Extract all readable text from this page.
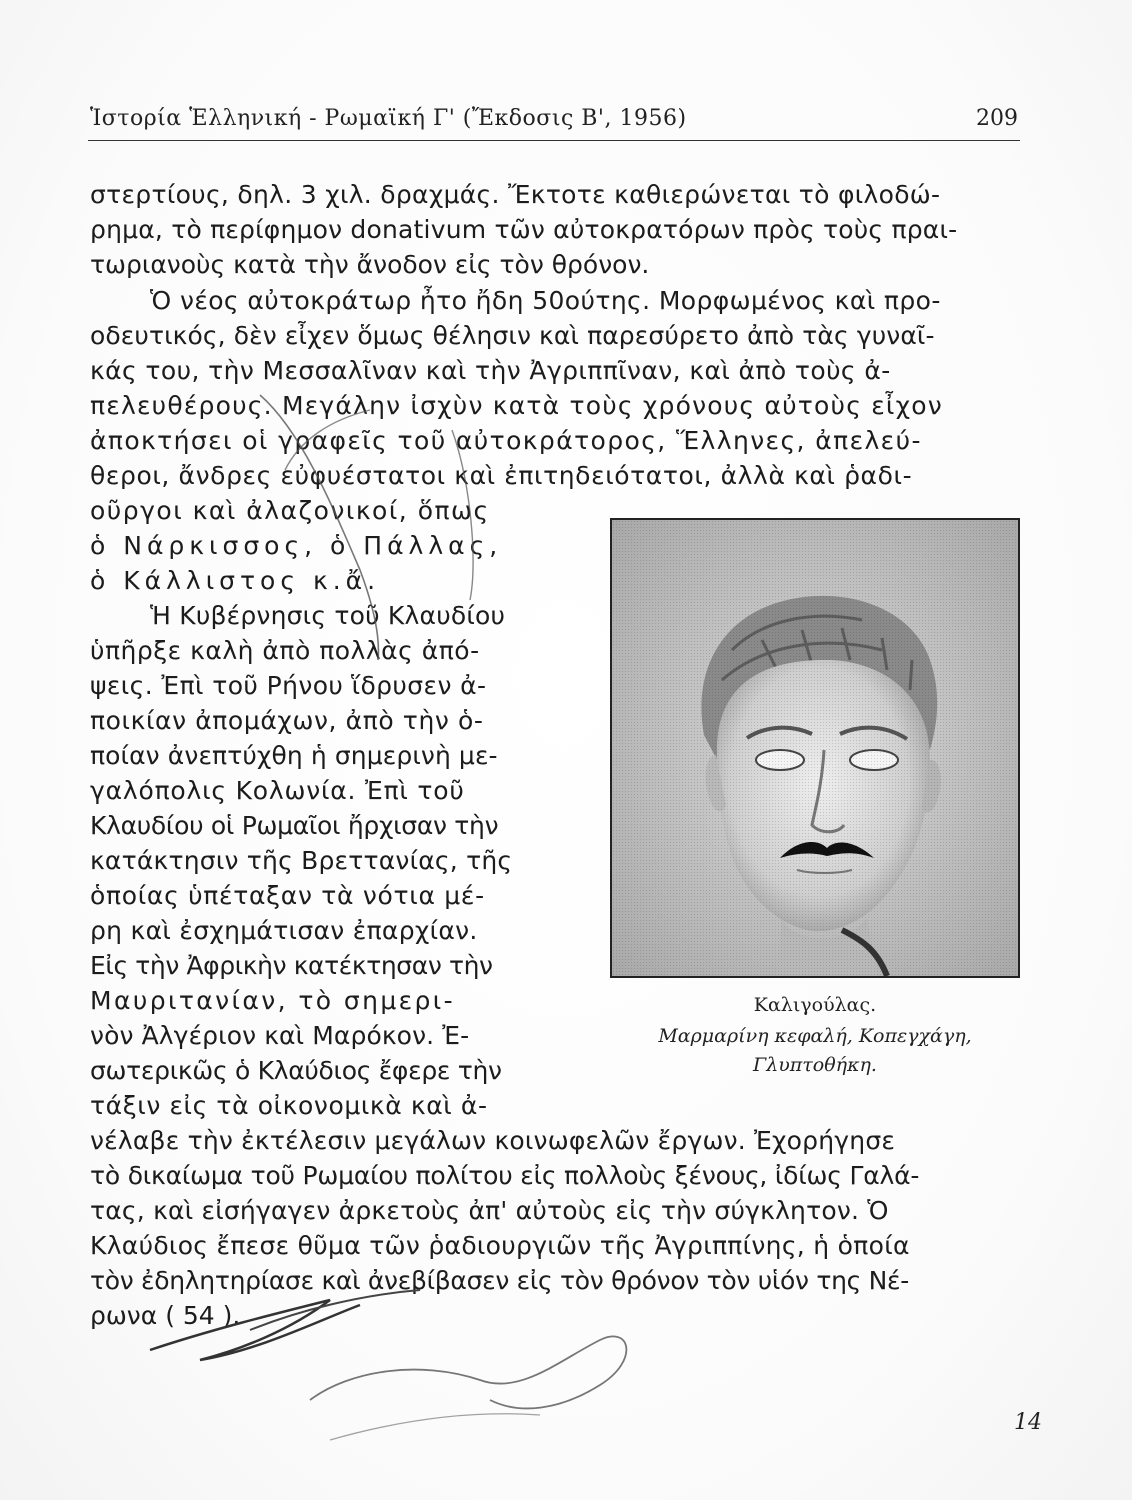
Ἱστορία Ἑλληνική - Ρωμαϊκή Γ' (Ἔκδοσις Β', 1956)	209
στερτίους, δηλ. 3 χιλ. δραχμάς. Ἔκτοτε καθιερώνεται τὸ φιλοδώ-
ρημα, τὸ περίφημον donativum τῶν αὐτοκρατόρων πρὸς τοὺς πραι-
τωριανοὺς κατὰ τὴν ἄνοδον εἰς τὸν θρόνον.
Ὁ νέος αὐτοκράτωρ ἦτο ἤδη 50ούτης. Μορφωμένος καὶ προ-
οδευτικός, δὲν εἶχεν ὅμως θέλησιν καὶ παρεσύρετο ἀπὸ τὰς γυναῖ-
κάς του, τὴν Μεσσαλῖναν καὶ τὴν Ἀγριππῖναν, καὶ ἀπὸ τοὺς ἀ-
πελευθέρους. Μεγάλην ἰσχὺν κατὰ τοὺς χρόνους αὐτοὺς εἶχον
ἀποκτήσει οἱ γραφεῖς τοῦ αὐτοκράτορος, Ἕλληνες, ἀπελεύ-
θεροι, ἄνδρες εὐφυέστατοι καὶ ἐπιτηδειότατοι, ἀλλὰ καὶ ῥαδι-
οῦργοι καὶ ἀλαζονικοί, ὅπως
ὁ Νάρκισσος, ὁ Πάλλας,
ὁ Κάλλιστος κ.ἄ.
Ἡ Κυβέρνησις τοῦ Κλαυδίου
ὑπῆρξε καλὴ ἀπὸ πολλὰς ἀπό-
ψεις. Ἐπὶ τοῦ Ρήνου ἵδρυσεν ἀ-
ποικίαν ἀπομάχων, ἀπὸ τὴν ὁ-
ποίαν ἀνεπτύχθη ἡ σημερινὴ με-
γαλόπολις Κολωνία. Ἐπὶ τοῦ
Κλαυδίου οἱ Ρωμαῖοι ἤρχισαν τὴν
κατάκτησιν τῆς Βρεττανίας, τῆς
ὁποίας ὑπέταξαν τὰ νότια μέ-
ρη καὶ ἐσχημάτισαν ἐπαρχίαν.
Εἰς τὴν Ἀφρικὴν κατέκτησαν τὴν
Μαυριτανίαν, τὸ σημερι-
νὸν Ἀλγέριον καὶ Μαρόκον. Ἐ-
σωτερικῶς ὁ Κλαύδιος ἔφερε τὴν
τάξιν εἰς τὰ οἰκονομικὰ καὶ ἀ-
νέλαβε τὴν ἐκτέλεσιν μεγάλων κοινωφελῶν ἔργων. Ἐχορήγησε
τὸ δικαίωμα τοῦ Ρωμαίου πολίτου εἰς πολλοὺς ξένους, ἰδίως Γαλά-
τας, καὶ εἰσήγαγεν ἀρκετοὺς ἀπ' αὐτοὺς εἰς τὴν σύγκλητον. Ὁ
Κλαύδιος ἔπεσε θῦμα τῶν ῥαδιουργιῶν τῆς Ἀγριππίνης, ἡ ὁποία
τὸν ἐδηλητηρίασε καὶ ἀνεβίβασεν εἰς τὸν θρόνον τὸν υἱόν της Νέ-
ρωνα ( 54 ).
Καλιγούλας.
Μαρμαρίνη κεφαλή, Κοπεγχάγη,
Γλυπτοθήκη.
14
